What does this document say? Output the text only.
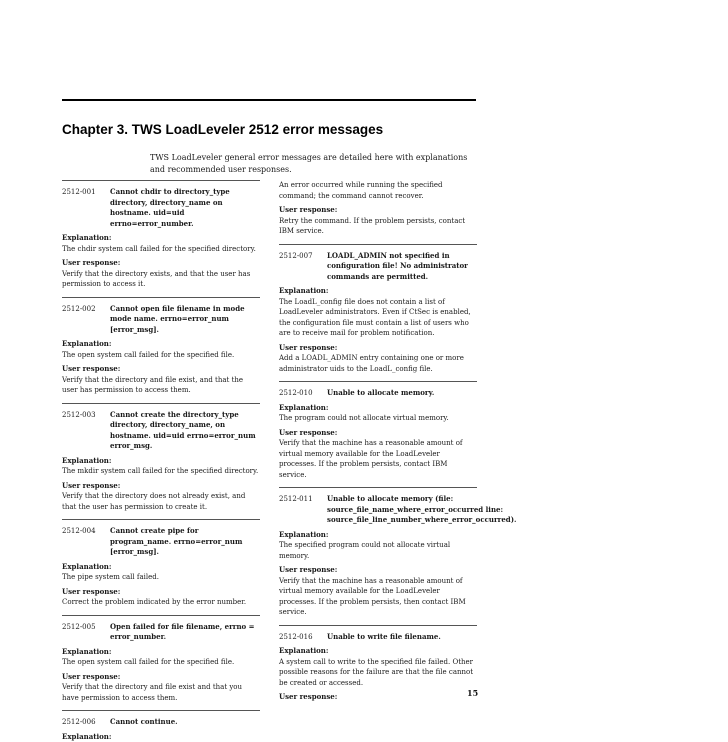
Chapter 3. TWS LoadLeveler 2512 error messages
TWS LoadLeveler general error messages are detailed here with explanations and recommended user responses.
2512-001	Cannot chdir to directory_type directory, directory_name on hostname. uid=uid errno=error_number.
Explanation:
The chdir system call failed for the specified directory.
User response:
Verify that the directory exists, and that the user has permission to access it.
2512-002	Cannot open file filename in mode mode name. errno=error_num [error_msg].
Explanation:
The open system call failed for the specified file.
User response:
Verify that the directory and file exist, and that the user has permission to access them.
2512-003	Cannot create the directory_type directory, directory_name, on hostname. uid=uid errno=error_num error_msg.
Explanation:
The mkdir system call failed for the specified directory.
User response:
Verify that the directory does not already exist, and that the user has permission to create it.
2512-004	Cannot create pipe for program_name. errno=error_num [error_msg].
Explanation:
The pipe system call failed.
User response:
Correct the problem indicated by the error number.
2512-005	Open failed for file filename, errno = error_number.
Explanation:
The open system call failed for the specified file.
User response:
Verify that the directory and file exist and that you have permission to access them.
2512-006	Cannot continue.
Explanation:
An error occurred while running the specified command; the command cannot recover.
User response:
Retry the command. If the problem persists, contact IBM service.
2512-007	LOADL_ADMIN not specified in configuration file! No administrator commands are permitted.
Explanation:
The LoadL_config file does not contain a list of LoadLeveler administrators. Even if CtSec is enabled, the configuration file must contain a list of users who are to receive mail for problem notification.
User response:
Add a LOADL_ADMIN entry containing one or more administrator uids to the LoadL_config file.
2512-010	Unable to allocate memory.
Explanation:
The program could not allocate virtual memory.
User response:
Verify that the machine has a reasonable amount of virtual memory available for the LoadLeveler processes. If the problem persists, contact IBM service.
2512-011	Unable to allocate memory (file: source_file_name_where_error_occurred line: source_file_line_number_where_error_occurred).
Explanation:
The specified program could not allocate virtual memory.
User response:
Verify that the machine has a reasonable amount of virtual memory available for the LoadLeveler processes. If the problem persists, then contact IBM service.
2512-016	Unable to write file filename.
Explanation:
A system call to write to the specified file failed. Other possible reasons for the failure are that the file cannot be created or accessed.
User response:	15
